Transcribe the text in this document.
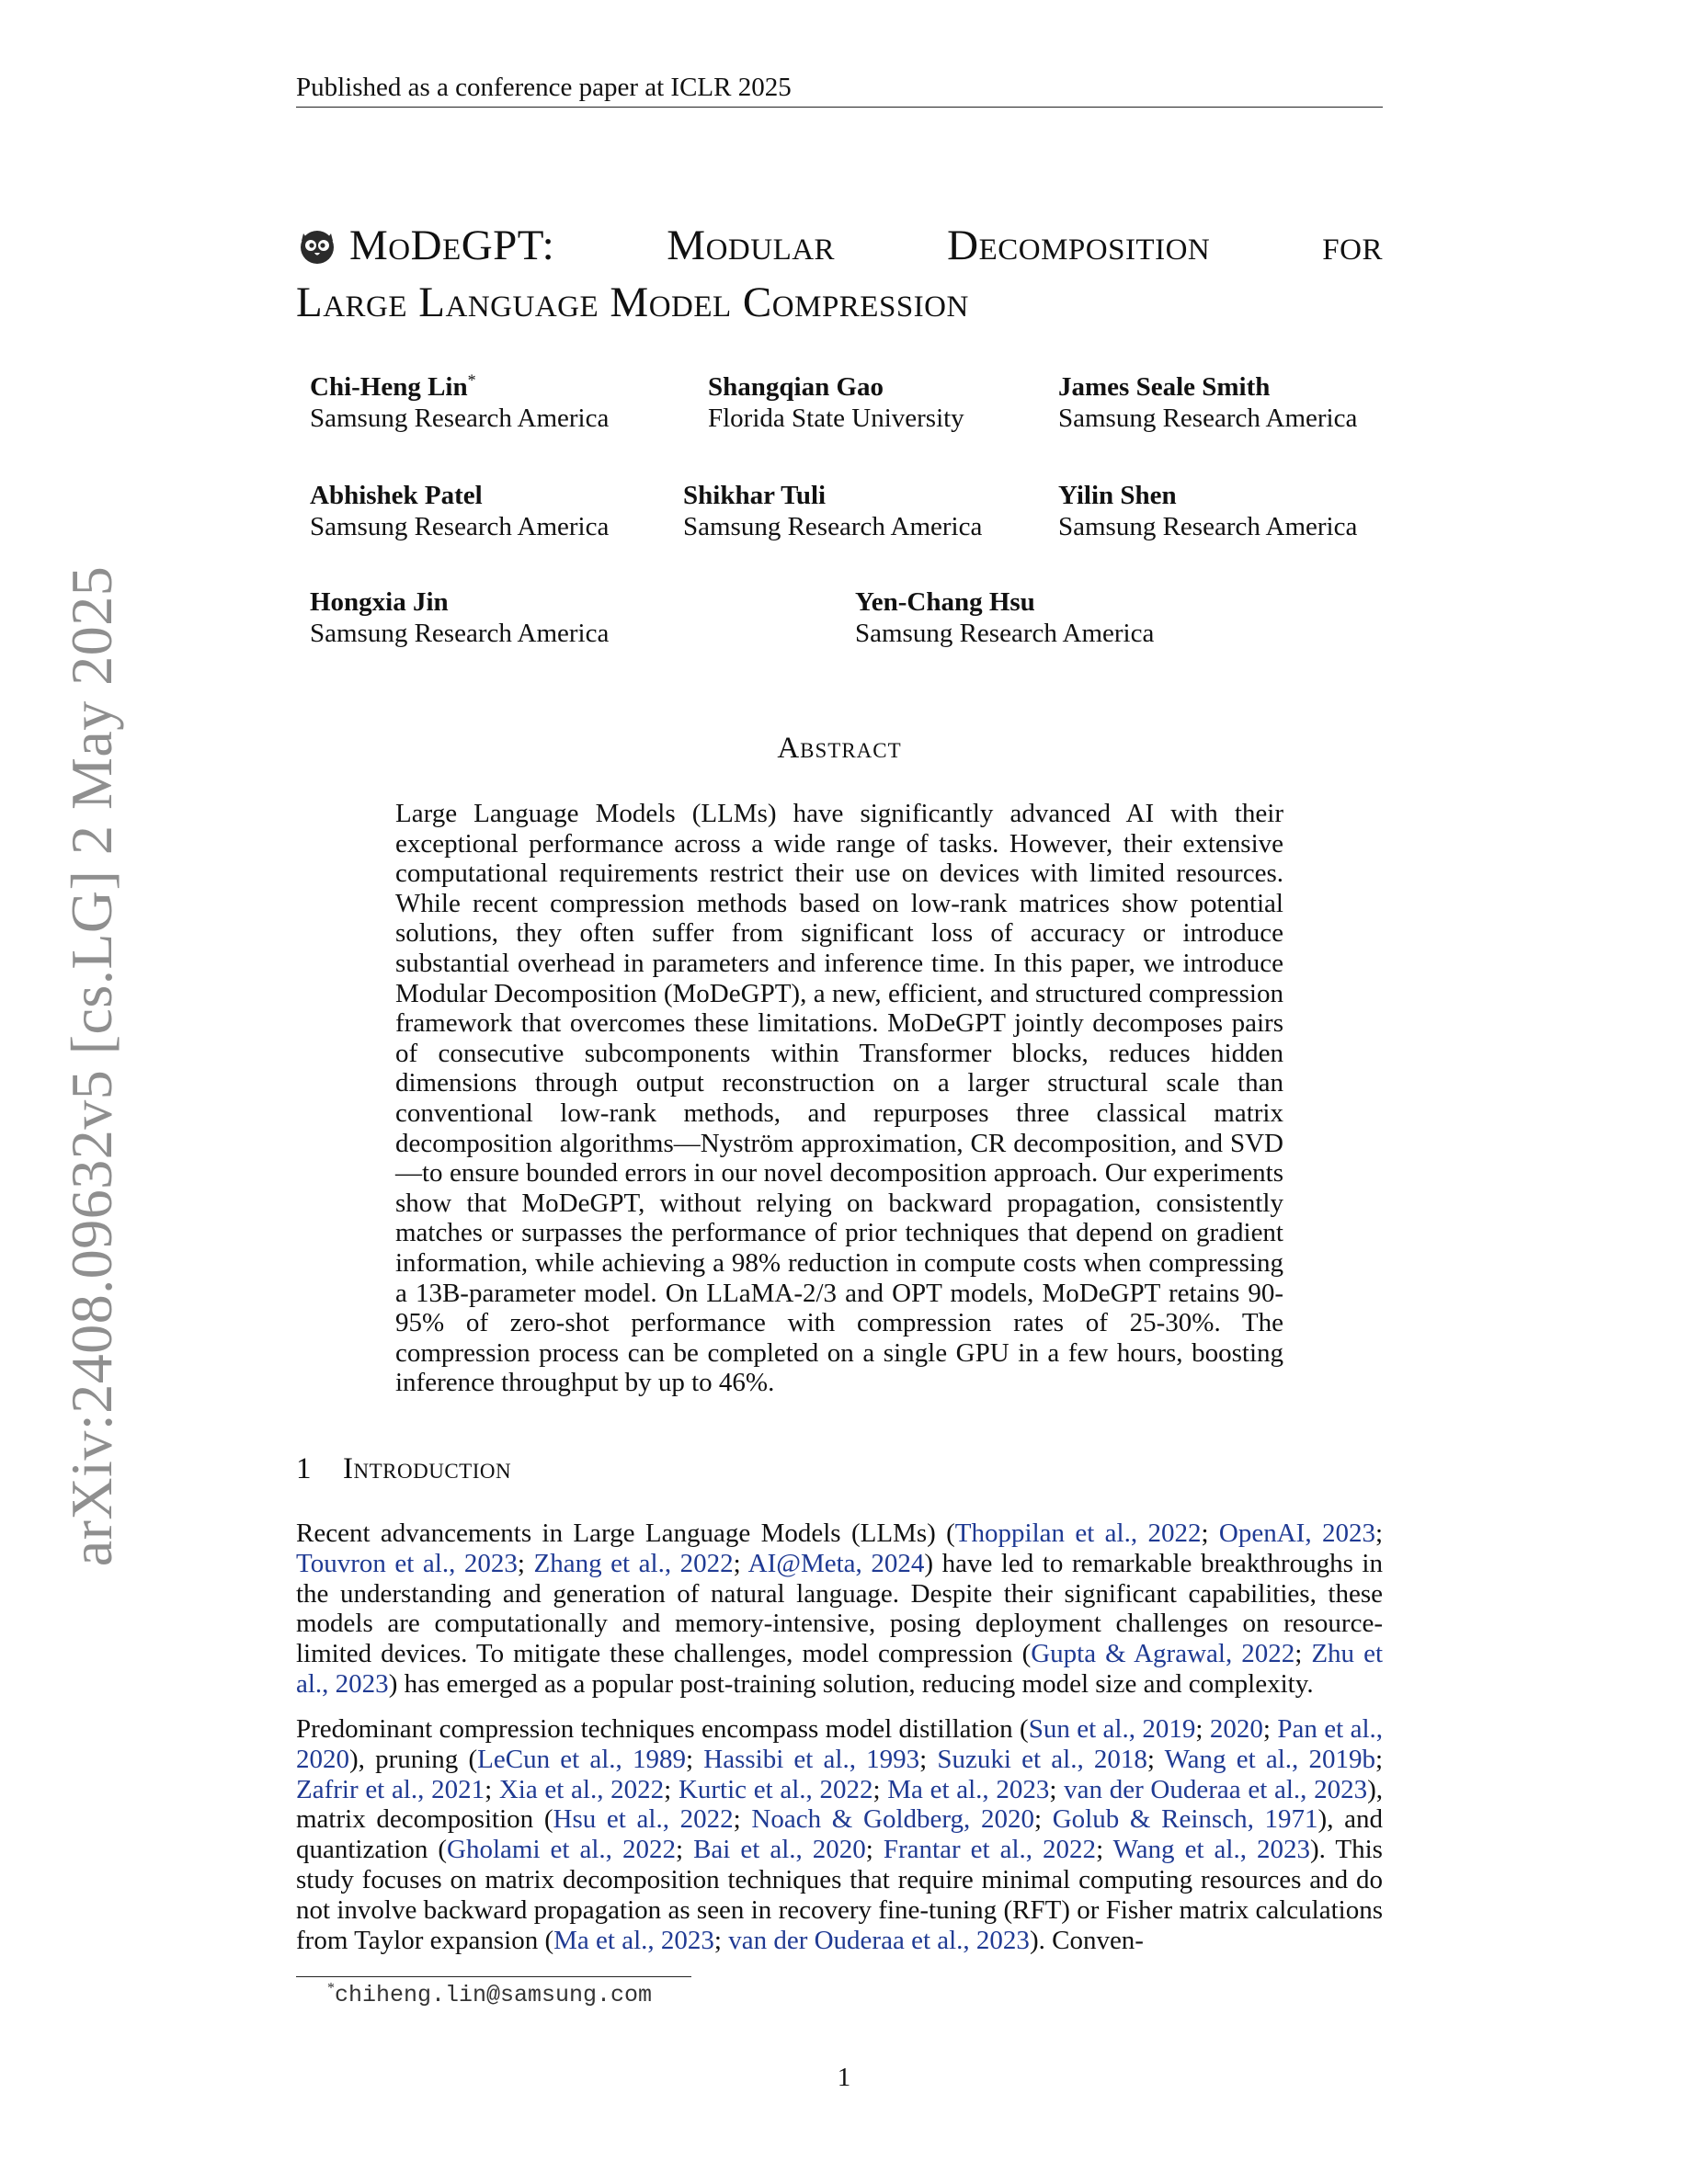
Published as a conference paper at ICLR 2025
arXiv:2408.09632v5 [cs.LG] 2 May 2025
MoDeGPT:	Modular	Decomposition	for
Large Language Model Compression
Chi-Heng Lin*
Samsung Research America
Shangqian Gao
Florida State University
James Seale Smith
Samsung Research America
Abhishek Patel
Samsung Research America
Shikhar Tuli
Samsung Research America
Yilin Shen
Samsung Research America
Hongxia Jin
Samsung Research America
Yen-Chang Hsu
Samsung Research America
Abstract
Large Language Models (LLMs) have significantly advanced AI with their exceptional performance across a wide range of tasks. However, their extensive computational requirements restrict their use on devices with limited resources. While recent compression methods based on low-rank matrices show potential solutions, they often suffer from significant loss of accuracy or introduce substantial overhead in parameters and inference time. In this paper, we introduce Modular Decomposition (MoDeGPT), a new, efficient, and structured compression framework that overcomes these limitations. MoDeGPT jointly decomposes pairs of consecutive subcomponents within Transformer blocks, reduces hidden dimensions through output reconstruction on a larger structural scale than conventional low-rank methods, and repurposes three classical matrix decomposition algorithms—Nyström approximation, CR decomposition, and SVD—to ensure bounded errors in our novel decomposition approach. Our experiments show that MoDeGPT, without relying on backward propagation, consistently matches or surpasses the performance of prior techniques that depend on gradient information, while achieving a 98% reduction in compute costs when compressing a 13B-parameter model. On LLaMA-2/3 and OPT models, MoDeGPT retains 90-95% of zero-shot performance with compression rates of 25-30%. The compression process can be completed on a single GPU in a few hours, boosting inference throughput by up to 46%.
1 Introduction
Recent advancements in Large Language Models (LLMs) (Thoppilan et al., 2022; OpenAI, 2023; Touvron et al., 2023; Zhang et al., 2022; AI@Meta, 2024) have led to remarkable breakthroughs in the understanding and generation of natural language. Despite their significant capabilities, these models are computationally and memory-intensive, posing deployment challenges on resource-limited devices. To mitigate these challenges, model compression (Gupta & Agrawal, 2022; Zhu et al., 2023) has emerged as a popular post-training solution, reducing model size and complexity.
Predominant compression techniques encompass model distillation (Sun et al., 2019; 2020; Pan et al., 2020), pruning (LeCun et al., 1989; Hassibi et al., 1993; Suzuki et al., 2018; Wang et al., 2019b; Zafrir et al., 2021; Xia et al., 2022; Kurtic et al., 2022; Ma et al., 2023; van der Ouderaa et al., 2023), matrix decomposition (Hsu et al., 2022; Noach & Goldberg, 2020; Golub & Reinsch, 1971), and quantization (Gholami et al., 2022; Bai et al., 2020; Frantar et al., 2022; Wang et al., 2023). This study focuses on matrix decomposition techniques that require minimal computing resources and do not involve backward propagation as seen in recovery fine-tuning (RFT) or Fisher matrix calculations from Taylor expansion (Ma et al., 2023; van der Ouderaa et al., 2023). Conven-
*chiheng.lin@samsung.com
1
